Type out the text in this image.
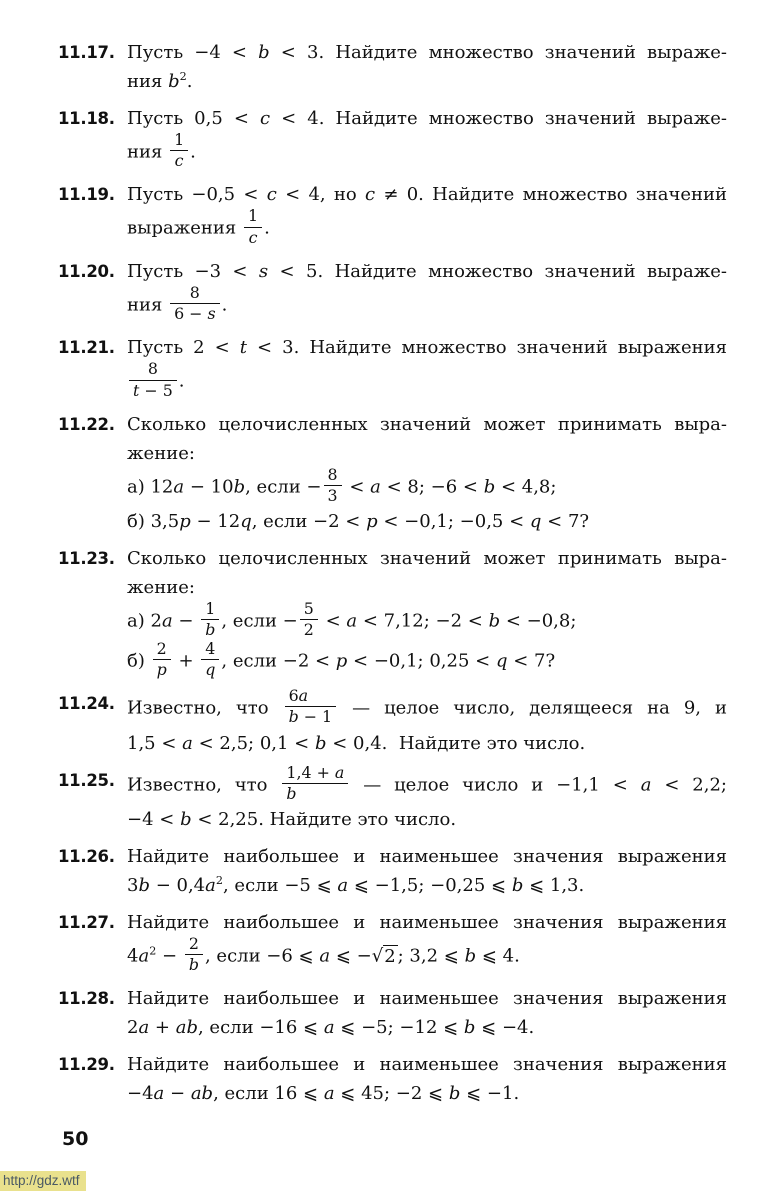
11.17. Пусть −4 < b < 3. Найдите множество значений выраже-
ния $b^2$.
11.18. Пусть 0,5 < c < 4. Найдите множество значений выраже-
ния $\frac{1}{c}$ .
11.19. Пусть −0,5 < c < 4, но c ≠ 0. Найдите множество значений
выражения $\frac{1}{c}$ .
11.20. Пусть −3 < s < 5. Найдите множество значений выраже-
ния $\frac{8}{6 - s}$ .
11.21. Пусть 2 < t < 3. Найдите множество значений выражения
$\frac{8}{t - 5}$ .
11.22. Сколько целочисленных значений может принимать выра-
жение:
а) 12a − 10b, если − $\frac{8}{3} < a < 8$; −6 < b < 4,8;
б) 3,5p − 12q, если −2 < p < −0,1; −0,5 < q < 7?
11.23. Сколько целочисленных значений может принимать выра-
жение:
а) $2a - \frac{1}{b}$ , если − $\frac{5}{2} < a < 7,12$; −2 < b < −0,8;
$б) \frac{2}{p} + \frac{4}{q}$ , если −2 < p < −0,1; 0,25 < q < 7?
11.24. Известно, что $\frac{6a}{b - 1}$ — целое число, делящееся на 9, и
1,5 < a < 2,5; 0,1 < b < 0,4.  Найдите это число.
11.25. Известно, что $\frac{1,4 + a}{b}$ — целое число и −1,1 < a < 2,2;
−4 < b < 2,25. Найдите это число.
11.26. Найдите наибольшее и наименьшее значения выражения
$3b - 0,4a^2$, если −5 ⩽ a ⩽ −1,5; −0,25 ⩽ b ⩽ 1,3.
11.27. Найдите наибольшее и наименьшее значения выражения
$4a^2 - \frac{2}{b}$ , если −6 ⩽ a ⩽ −√2 ; 3,2 ⩽ b ⩽ 4.
11.28. Найдите наибольшее и наименьшее значения выражения
2a + ab, если −16 ⩽ a ⩽ −5; −12 ⩽ b ⩽ −4.
11.29. Найдите наибольшее и наименьшее значения выражения
−4a − ab, если 16 ⩽ a ⩽ 45; −2 ⩽ b ⩽ −1.
50
http://gdz.wtf
